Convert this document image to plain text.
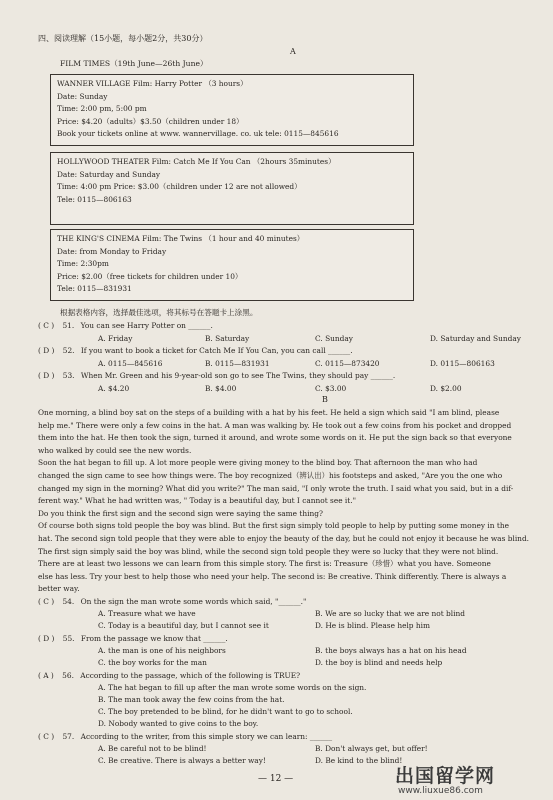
四、阅读理解（15小题，每小题2分，共30分）
A
FILM TIMES（19th June—26th June）
WANNER VILLAGE Film: Harry Potter （3 hours）
Date: Sunday
Time: 2:00 pm, 5:00 pm
Price: $4.20（adults）$3.50（children under 18）
Book your tickets online at www. wannervillage. co. uk tele: 0115—845616
HOLLYWOOD THEATER Film: Catch Me If You Can （2hours 35minutes）
Date: Saturday and Sunday
Time: 4:00 pm Price: $3.00（children under 12 are not allowed）
Tele: 0115—806163
THE KING'S CINEMA Film: The Twins （1 hour and 40 minutes）
Date: from Monday to Friday
Time: 2:30pm
Price: $2.00（free tickets for children under 10）
Tele: 0115—831931
根据表格内容，选择最佳选项，将其标号在答题卡上涂黑。
( C ) 51. You can see Harry Potter on ______.
A. Friday	B. Saturday	C. Sunday	D. Saturday and Sunday
( D ) 52. If you want to book a ticket for Catch Me If You Can, you can call ______.
A. 0115—845616	B. 0115—831931	C. 0115—873420	D. 0115—806163
( D ) 53. When Mr. Green and his 9-year-old son go to see The Twins, they should pay ______.
A. $4.20	B. $4.00	C. $3.00	D. $2.00
B
One morning, a blind boy sat on the steps of a building with a hat by his feet. He held a sign which said "I am blind, please
help me." There were only a few coins in the hat. A man was walking by. He took out a few coins from his pocket and dropped
them into the hat. He then took the sign, turned it around, and wrote some words on it. He put the sign back so that everyone
who walked by could see the new words.
Soon the hat began to fill up. A lot more people were giving money to the blind boy. That afternoon the man who had
changed the sign came to see how things were. The boy recognized（辨认出）his footsteps and asked, "Are you the one who
changed my sign in the morning? What did you write?" The man said, "I only wrote the truth. I said what you said, but in a dif-
ferent way." What he had written was, " Today is a beautiful day, but I cannot see it."
Do you think the first sign and the second sign were saying the same thing?
Of course both signs told people the boy was blind. But the first sign simply told people to help by putting some money in the
hat. The second sign told people that they were able to enjoy the beauty of the day, but he could not enjoy it because he was blind.
The first sign simply said the boy was blind, while the second sign told people they were so lucky that they were not blind.
There are at least two lessons we can learn from this simple story. The first is: Treasure（珍惜）what you have. Someone
else has less. Try your best to help those who need your help. The second is: Be creative. Think differently. There is always a
better way.
( C ) 54. On the sign the man wrote some words which said, "______."
A. Treasure what we have	B. We are so lucky that we are not blind
C. Today is a beautiful day, but I cannot see it	D. He is blind. Please help him
( D ) 55. From the passage we know that ______.
A. the man is one of his neighbors	B. the boys always has a hat on his head
C. the boy works for the man	D. the boy is blind and needs help
( A ) 56. According to the passage, which of the following is TRUE?
A. The hat began to fill up after the man wrote some words on the sign.
B. The man took away the few coins from the hat.
C. The boy pretended to be blind, for he didn't want to go to school.
D. Nobody wanted to give coins to the boy.
( C ) 57. According to the writer, from this simple story we can learn: ______
A. Be careful not to be blind!	B. Don't always get, but offer!
C. Be creative. There is always a better way!	D. Be kind to the blind!
— 12 —	出国留学网
www.liuxue86.com
